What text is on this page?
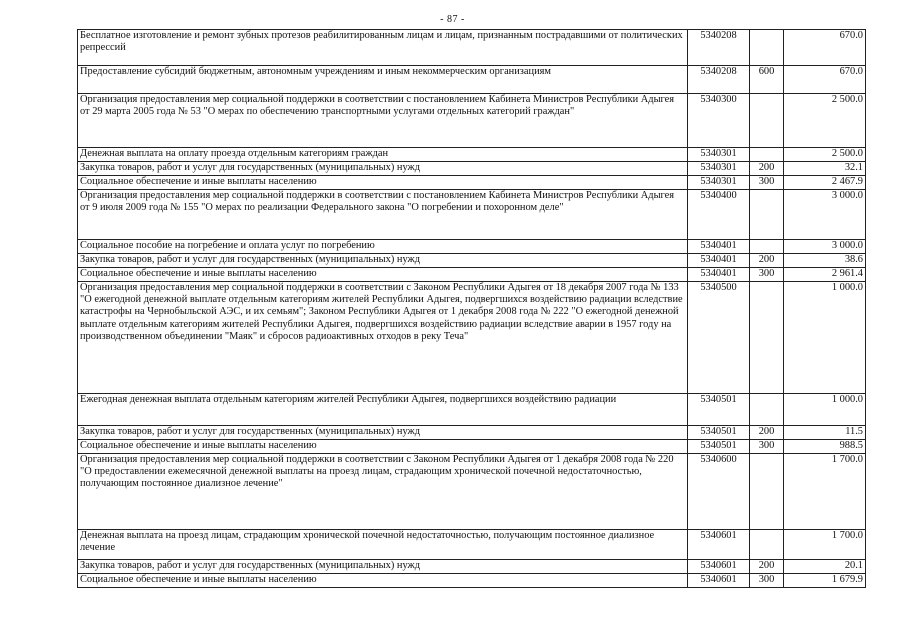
- 87 -
Бесплатное изготовление и ремонт зубных протезов реабилитированным лицам и лицам, признанным пострадавшими от политических репрессий	5340208		670.0
Предоставление субсидий бюджетным, автономным учреждениям и иным некоммерческим организациям	5340208	600	670.0
Организация предоставления мер социальной поддержки в соответствии с постановлением Кабинета Министров Республики Адыгея от 29 марта 2005 года № 53 "О мерах по обеспечению транспортными услугами отдельных категорий граждан"	5340300		2 500.0
Денежная выплата на оплату проезда отдельным категориям граждан	5340301		2 500.0
Закупка товаров, работ и услуг для государственных (муниципальных) нужд	5340301	200	32.1
Социальное обеспечение и иные выплаты населению	5340301	300	2 467.9
Организация предоставления мер социальной поддержки в соответствии с постановлением Кабинета Министров Республики Адыгея от 9 июля 2009 года № 155 "О мерах по реализации Федерального закона "О погребении и похоронном деле"	5340400		3 000.0
Социальное пособие на погребение и оплата услуг по погребению	5340401		3 000.0
Закупка товаров, работ и услуг для государственных (муниципальных) нужд	5340401	200	38.6
Социальное обеспечение и иные выплаты населению	5340401	300	2 961.4
Организация предоставления мер социальной поддержки в соответствии с Законом Республики Адыгея от 18 декабря 2007 года № 133 "О ежегодной денежной выплате отдельным категориям жителей Республики Адыгея, подвергшихся воздействию радиации вследствие катастрофы на Чернобыльской АЭС, и их семьям"; Законом Республики Адыгея от 1 декабря 2008 года № 222 "О ежегодной денежной выплате отдельным категориям жителей Республики Адыгея, подвергшихся воздействию радиации вследствие аварии в 1957 году на производственном объединении "Маяк" и сбросов радиоактивных отходов в реку Теча"	5340500		1 000.0
Ежегодная денежная выплата отдельным категориям жителей Республики Адыгея, подвергшихся воздействию радиации	5340501		1 000.0
Закупка товаров, работ и услуг для государственных (муниципальных) нужд	5340501	200	11.5
Социальное обеспечение и иные выплаты населению	5340501	300	988.5
Организация предоставления мер социальной поддержки в соответствии с Законом Республики Адыгея от 1 декабря 2008 года № 220 "О предоставлении ежемесячной денежной выплаты на проезд лицам, страдающим хронической почечной недостаточностью, получающим постоянное диализное лечение"	5340600		1 700.0
Денежная выплата на проезд лицам, страдающим хронической почечной недостаточностью, получающим постоянное диализное лечение	5340601		1 700.0
Закупка товаров, работ и услуг для государственных (муниципальных) нужд	5340601	200	20.1
Социальное обеспечение и иные выплаты населению	5340601	300	1 679.9
